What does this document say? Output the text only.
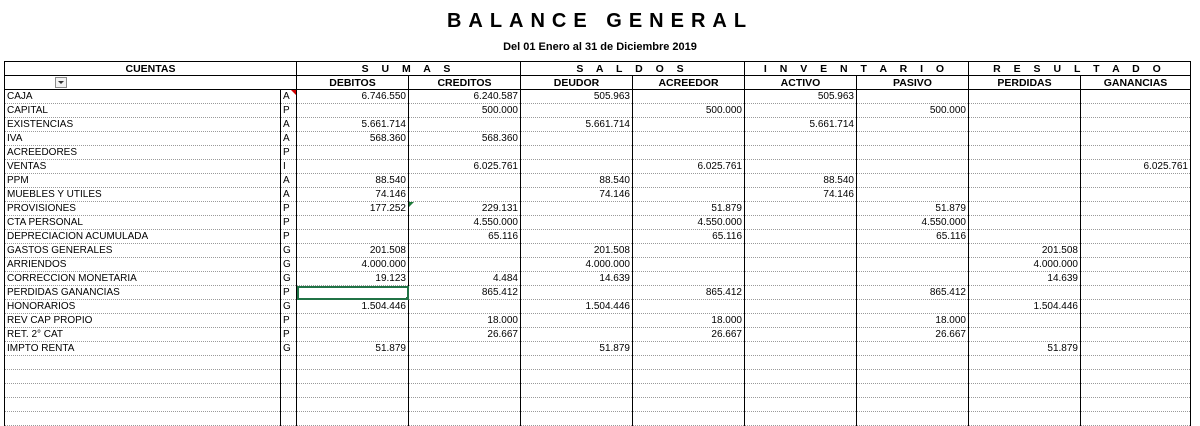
BALANCE GENERAL
Del 01 Enero al 31 de Diciembre 2019
CUENTAS		S U M A S		S A L D O S		I N V E N T A R I O		R E S U L T A D O	
		DEBITOS	CREDITOS	DEUDOR	ACREEDOR	ACTIVO	PASIVO	PERDIDAS	GANANCIAS
CAJA	A	6.746.550	6.240.587	505.963		505.963			
CAPITAL	P		500.000		500.000		500.000		
EXISTENCIAS	A	5.661.714		5.661.714		5.661.714			
IVA	A	568.360	568.360						
ACREEDORES	P								
VENTAS	I		6.025.761		6.025.761				6.025.761
PPM	A	88.540		88.540		88.540			
MUEBLES Y UTILES	A	74.146		74.146		74.146			
PROVISIONES	P	177.252	229.131		51.879		51.879		
CTA PERSONAL	P		4.550.000		4.550.000		4.550.000		
DEPRECIACION ACUMULADA	P		65.116		65.116		65.116		
GASTOS GENERALES	G	201.508		201.508				201.508	
ARRIENDOS	G	4.000.000		4.000.000				4.000.000	
CORRECCION MONETARIA	G	19.123	4.484	14.639				14.639	
PERDIDAS GANANCIAS	P		865.412		865.412		865.412		
HONORARIOS	G	1.504.446		1.504.446				1.504.446	
REV CAP PROPIO	P		18.000		18.000		18.000		
RET. 2° CAT	P		26.667		26.667		26.667		
IMPTO RENTA	G	51.879		51.879				51.879	
